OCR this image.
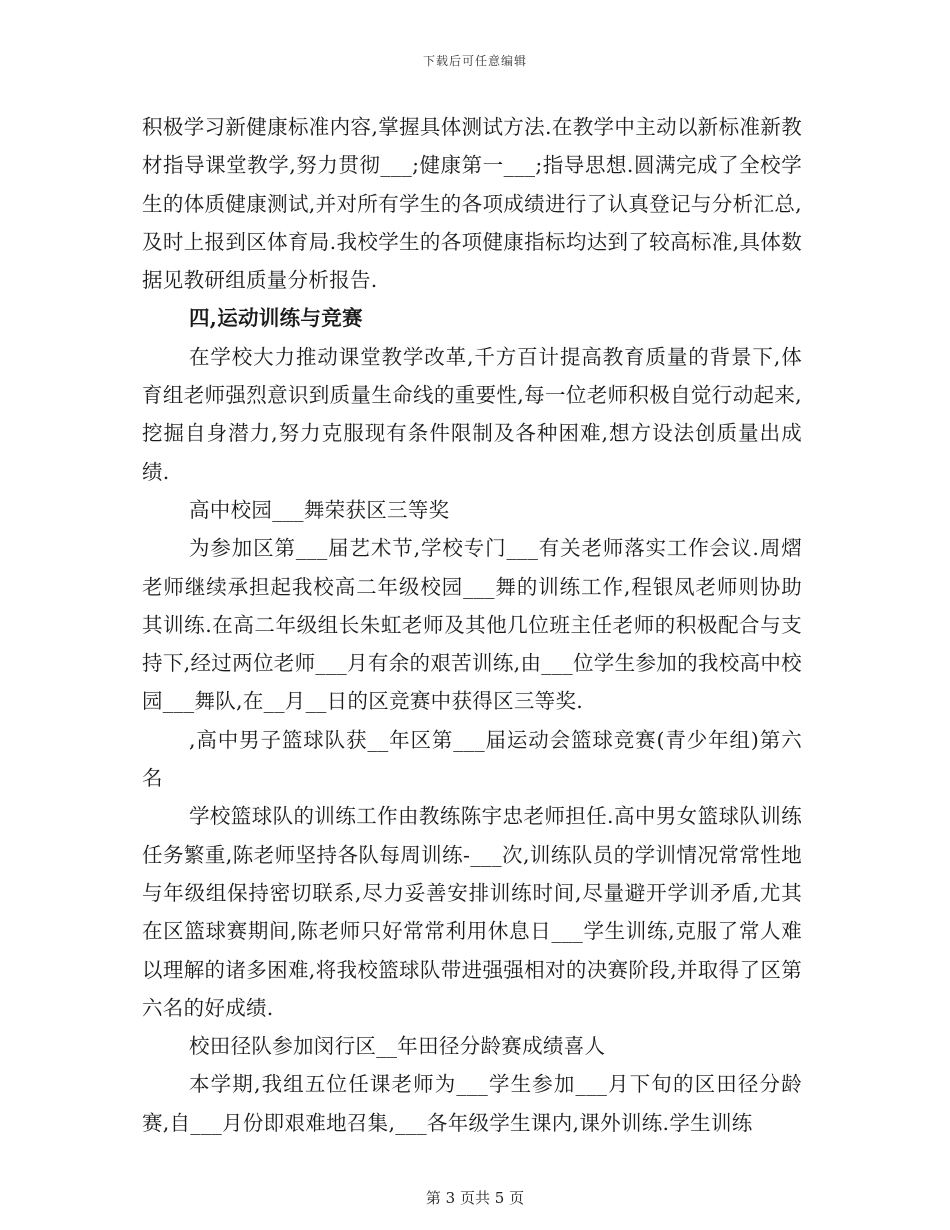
下载后可任意编辑

积极学习新健康标准内容,掌握具体测试方法.在教学中主动以新标准新教材指导课堂教学,努力贯彻___;健康第一___;指导思想.圆满完成了全校学生的体质健康测试,并对所有学生的各项成绩进行了认真登记与分析汇总,及时上报到区体育局.我校学生的各项健康指标均达到了较高标准,具体数据见教研组质量分析报告.

四,运动训练与竞赛

在学校大力推动课堂教学改革,千方百计提高教育质量的背景下,体育组老师强烈意识到质量生命线的重要性,每一位老师积极自觉行动起来,挖掘自身潜力,努力克服现有条件限制及各种困难,想方设法创质量出成绩.

高中校园___舞荣获区三等奖

为参加区第___届艺术节,学校专门___有关老师落实工作会议.周熠老师继续承担起我校高二年级校园___舞的训练工作,程银凤老师则协助其训练.在高二年级组长朱虹老师及其他几位班主任老师的积极配合与支持下,经过两位老师___月有余的艰苦训练,由___位学生参加的我校高中校园___舞队,在__月__日的区竞赛中获得区三等奖.

,高中男子篮球队获__年区第___届运动会篮球竞赛(青少年组)第六名

学校篮球队的训练工作由教练陈宇忠老师担任.高中男女篮球队训练任务繁重,陈老师坚持各队每周训练-___次,训练队员的学训情况常常性地与年级组保持密切联系,尽力妥善安排训练时间,尽量避开学训矛盾,尤其在区篮球赛期间,陈老师只好常常利用休息日___学生训练,克服了常人难以理解的诸多困难,将我校篮球队带进强强相对的决赛阶段,并取得了区第六名的好成绩.

校田径队参加闵行区__年田径分龄赛成绩喜人

本学期,我组五位任课老师为___学生参加___月下旬的区田径分龄赛,自___月份即艰难地召集,___各年级学生课内,课外训练.学生训练

第 3 页共 5 页
